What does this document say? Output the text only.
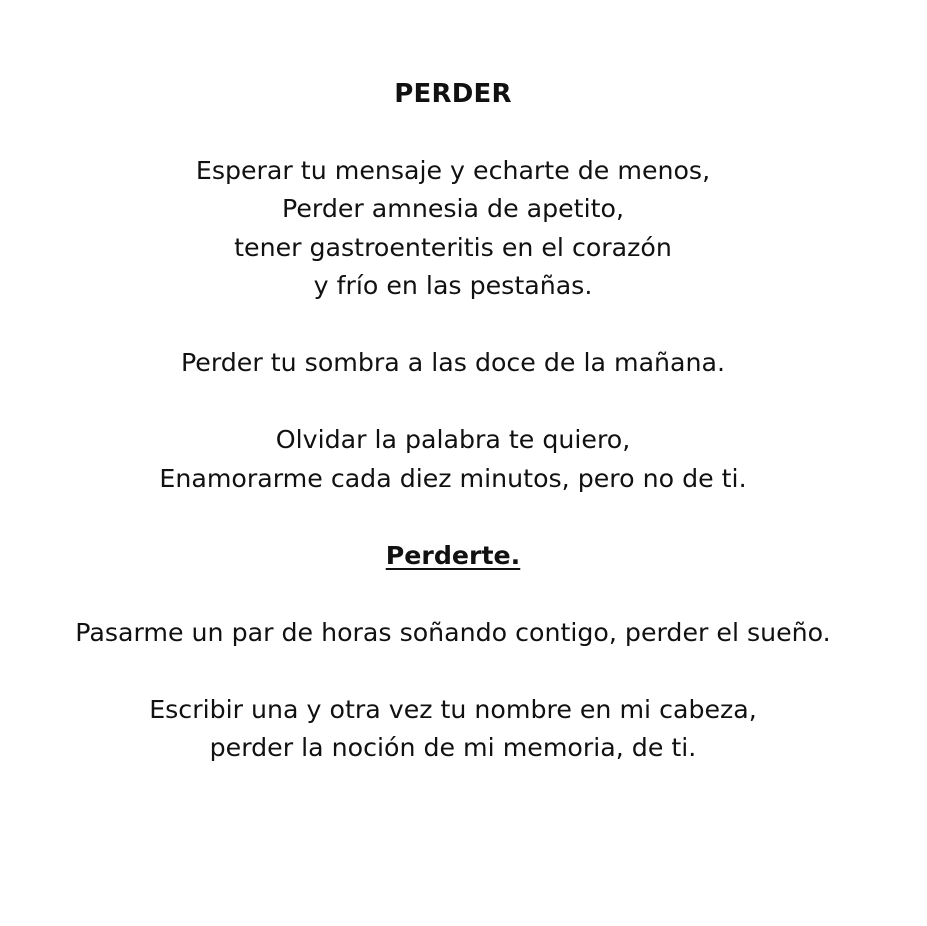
PERDER
Esperar tu mensaje y echarte de menos,
Perder amnesia de apetito,
tener gastroenteritis en el corazón
y frío en las pestañas.
Perder tu sombra a las doce de la mañana.
Olvidar la palabra te quiero,
Enamorarme cada diez minutos, pero no de ti.
Perderte.
Pasarme un par de horas soñando contigo, perder el sueño.
Escribir una y otra vez tu nombre en mi cabeza,
perder la noción de mi memoria, de ti.
